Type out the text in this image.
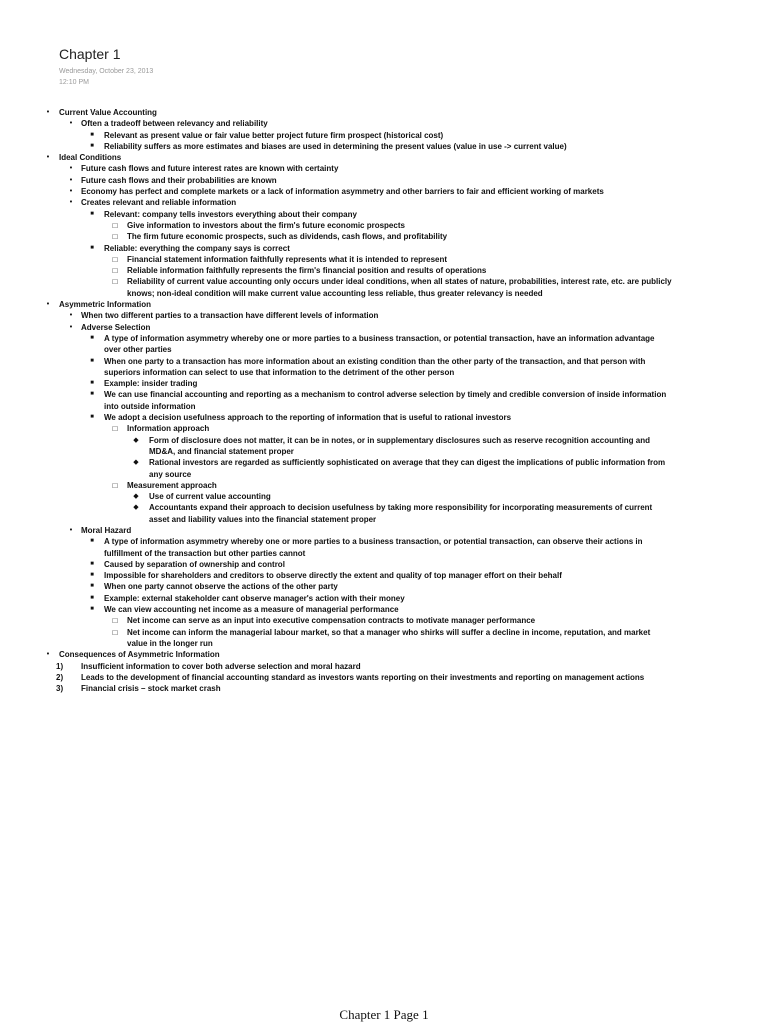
Chapter 1
Wednesday, October 23, 2013
12:10 PM
•	Current Value Accounting
•	Often a tradeoff between relevancy and reliability
■	Relevant as present value or fair value better project future firm prospect (historical cost)
■	Reliability suffers as more estimates and biases are used in determining the present values (value in use -> current value)
•	Ideal Conditions
•	Future cash flows and future interest rates are known with certainty
•	Future cash flows and their probabilities are known
•	Economy has perfect and complete markets or a lack of information asymmetry and other barriers to fair and efficient working of markets
•	Creates relevant and reliable information
■	Relevant: company tells investors everything about their company
□	Give information to investors about the firm's future economic prospects
□	The firm future economic prospects, such as dividends, cash flows, and profitability
■	Reliable: everything the company says is correct
□	Financial statement information faithfully represents what it is intended to represent
□	Reliable information faithfully represents the firm's financial position and results of operations
□	Reliability of current value accounting only occurs under ideal conditions, when all states of nature, probabilities, interest rate, etc. are publicly knows; non-ideal condition will make current value accounting less reliable, thus greater relevancy is needed
•	Asymmetric Information
•	When two different parties to a transaction have different levels of information
•	Adverse Selection
■	A type of information asymmetry whereby one or more parties to a business transaction, or potential transaction, have an information advantage over other parties
■	When one party to a transaction has more information about an existing condition than the other party of the transaction, and that person with superiors information can select to use that information to the detriment of the other person
■	Example: insider trading
■	We can use financial accounting and reporting as a mechanism to control adverse selection by timely and credible conversion of inside information into outside information
■	We adopt a decision usefulness approach to the reporting of information that is useful to rational investors
□	Information approach
◆ Form of disclosure does not matter, it can be in notes, or in supplementary disclosures such as reserve recognition accounting and MD&A, and financial statement proper
◆ Rational investors are regarded as sufficiently sophisticated on average that they can digest the implications of public information from any source
□	Measurement approach
◆ Use of current value accounting
◆ Accountants expand their approach to decision usefulness by taking more responsibility for incorporating measurements of current asset and liability values into the financial statement proper
•	Moral Hazard
■	A type of information asymmetry whereby one or more parties to a business transaction, or potential transaction, can observe their actions in fulfillment of the transaction but other parties cannot
■	Caused by separation of ownership and control
■	Impossible for shareholders and creditors to observe directly the extent and quality of top manager effort on their behalf
■	When one party cannot observe the actions of the other party
■	Example: external stakeholder cant observe manager's action with their money
■	We can view accounting net income as a measure of managerial performance
□	Net income can serve as an input into executive compensation contracts to motivate manager performance
□	Net income can inform the managerial labour market, so that a manager who shirks will suffer a decline in income, reputation, and market value in the longer run
•	Consequences of Asymmetric Information
1)	Insufficient information to cover both adverse selection and moral hazard
2)	Leads to the development of financial accounting standard as investors wants reporting on their investments and reporting on management actions
3)	Financial crisis – stock market crash
Chapter 1 Page 1
